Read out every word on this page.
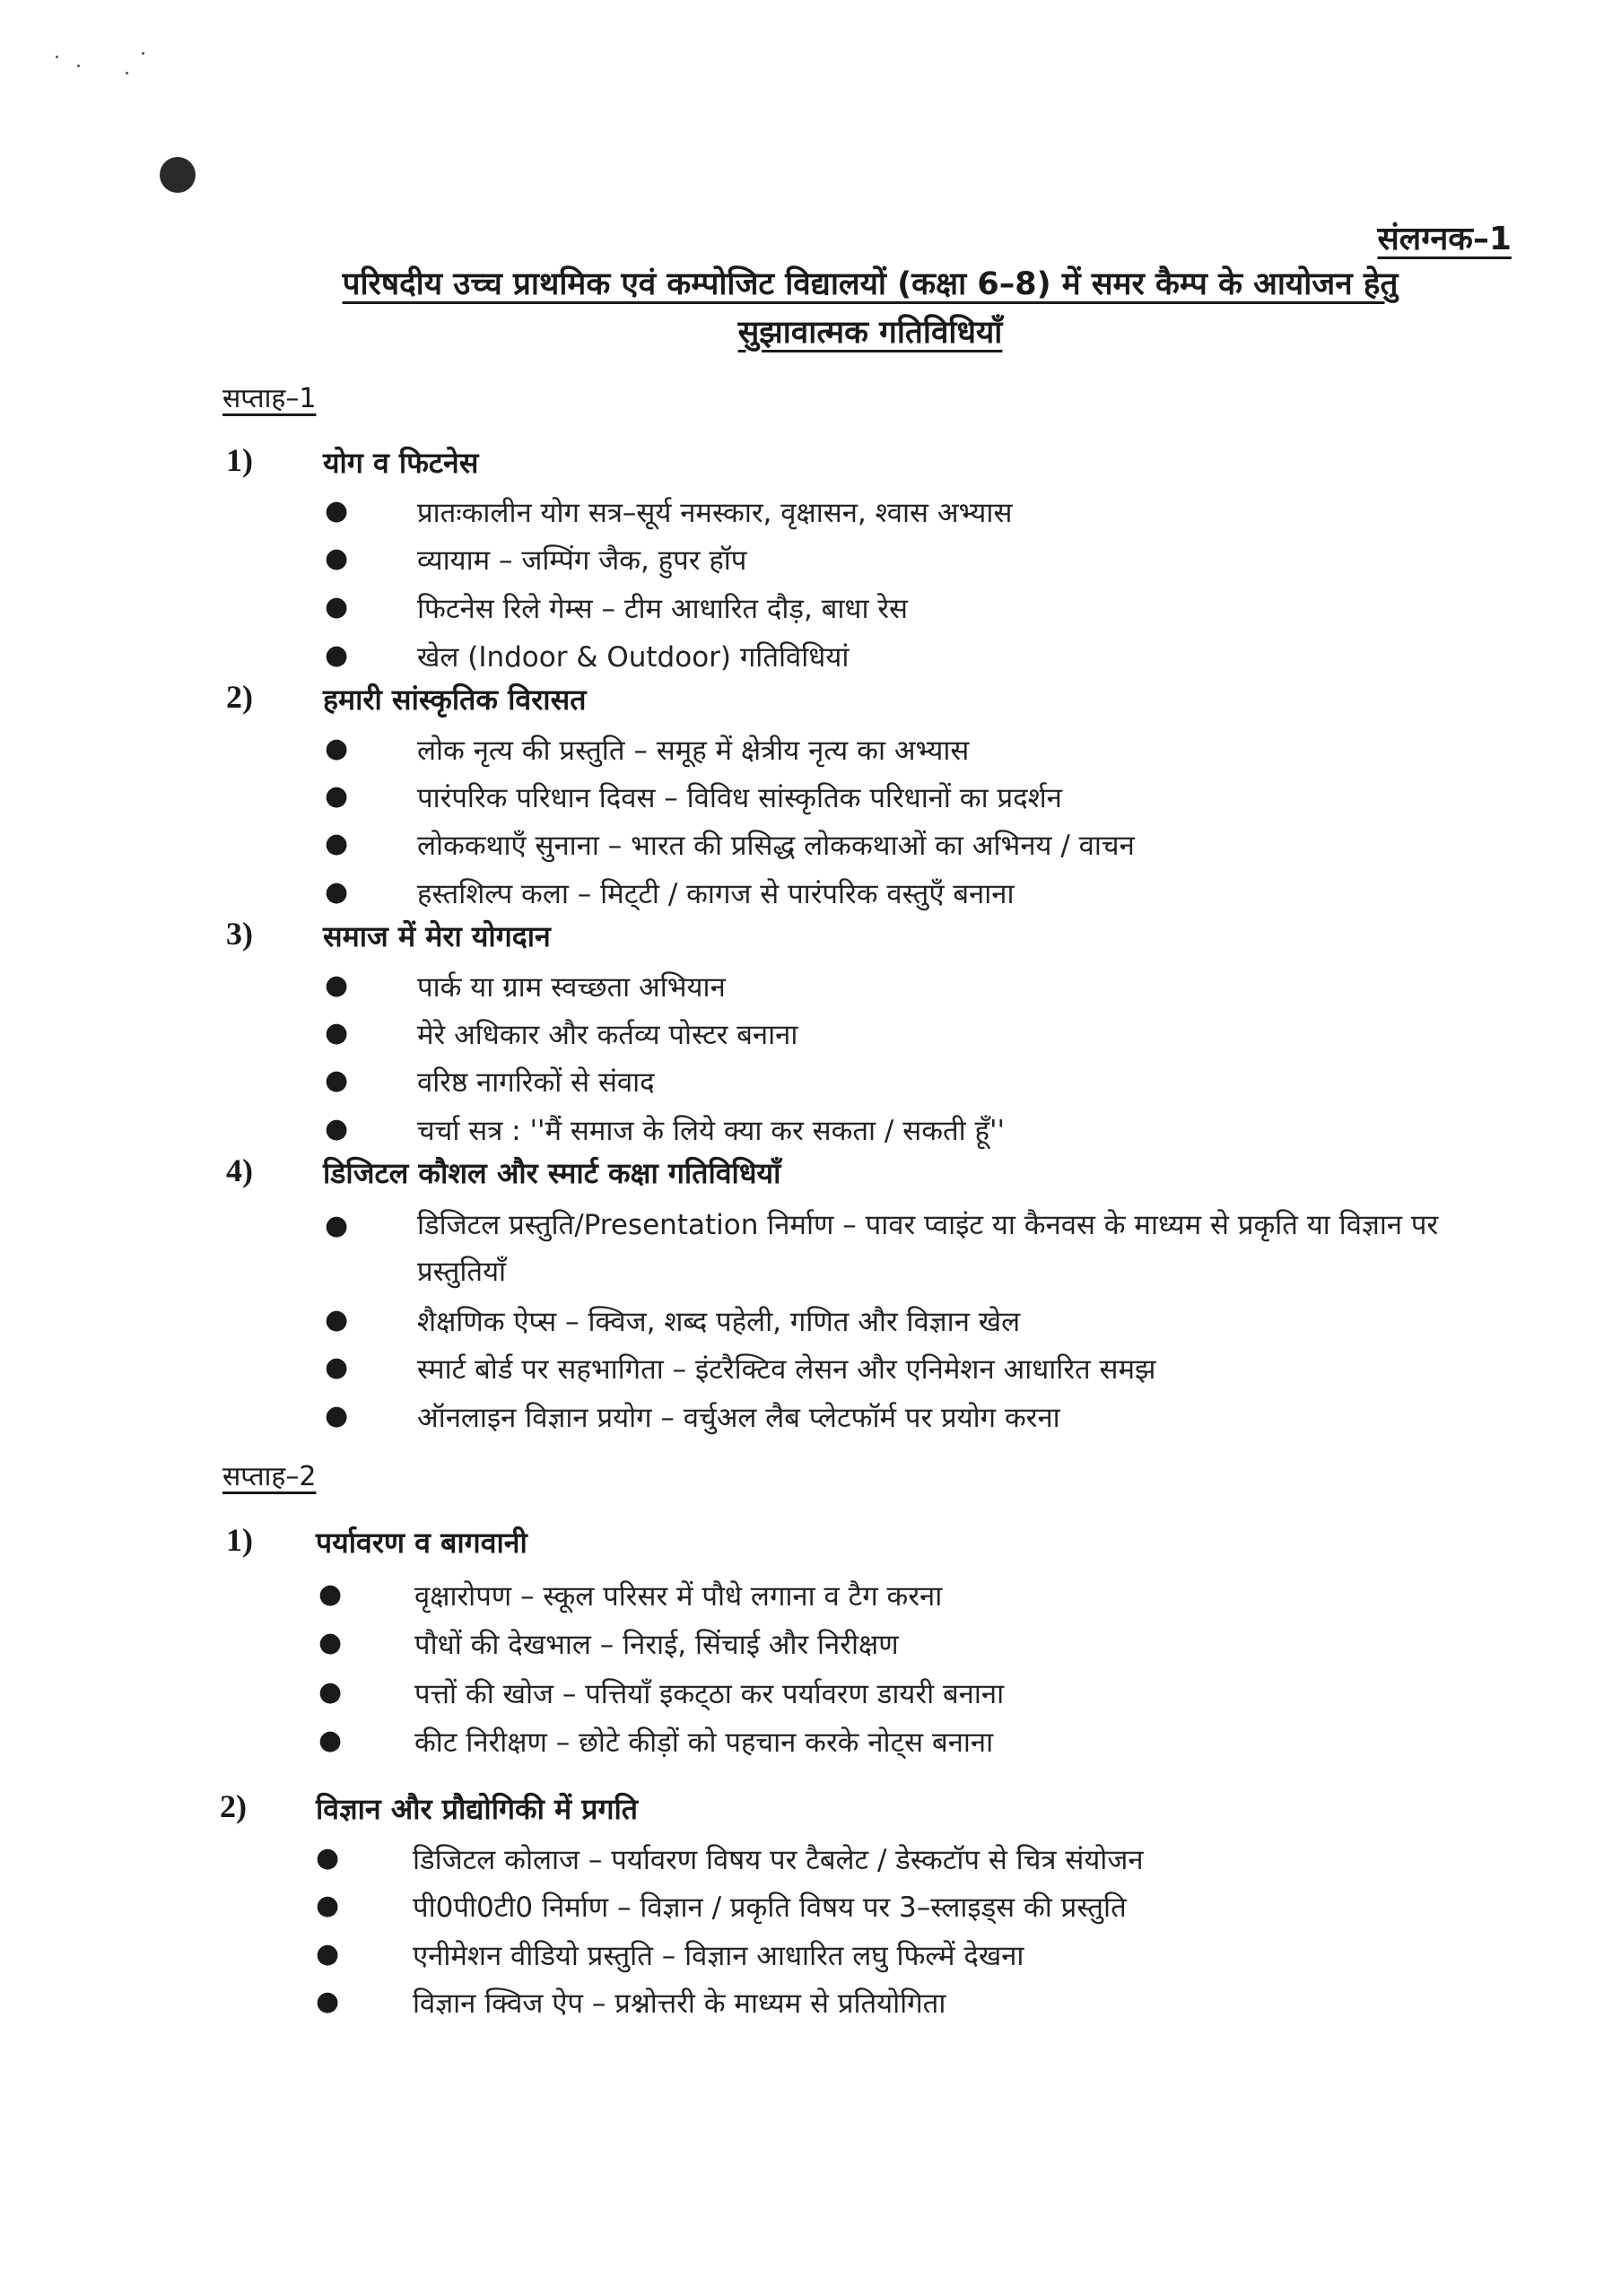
संलग्नक–1
परिषदीय उच्च प्राथमिक एवं कम्पोजिट विद्यालयों (कक्षा 6–8) में समर कैम्प के आयोजन हेतु
सुझावात्मक गतिविधियाँ
सप्ताह–1
1) योग व फिटनेस
● प्रातःकालीन योग सत्र–सूर्य नमस्कार, वृक्षासन, श्वास अभ्यास
● व्यायाम – जम्पिंग जैक, हुपर हॉप
● फिटनेस रिले गेम्स – टीम आधारित दौड़, बाधा रेस
● खेल (Indoor & Outdoor) गतिविधियां
2) हमारी सांस्कृतिक विरासत
● लोक नृत्य की प्रस्तुति – समूह में क्षेत्रीय नृत्य का अभ्यास
● पारंपरिक परिधान दिवस – विविध सांस्कृतिक परिधानों का प्रदर्शन
● लोककथाएँ सुनाना – भारत की प्रसिद्ध लोककथाओं का अभिनय / वाचन
● हस्तशिल्प कला – मिट्‌टी / कागज से पारंपरिक वस्तुएँ बनाना
3) समाज में मेरा योगदान
● पार्क या ग्राम स्वच्छता अभियान
● मेरे अधिकार और कर्तव्य पोस्टर बनाना
● वरिष्ठ नागरिकों से संवाद
● चर्चा सत्र : ''मैं समाज के लिये क्या कर सकता / सकती हूँ''
4) डिजिटल कौशल और स्मार्ट कक्षा गतिविधियाँ
● डिजिटल प्रस्तुति/Presentation निर्माण – पावर प्वाइंट या कैनवस के माध्यम से प्रकृति या विज्ञान पर प्रस्तुतियाँ
● शैक्षणिक ऐप्स – क्विज, शब्द पहेली, गणित और विज्ञान खेल
● स्मार्ट बोर्ड पर सहभागिता – इंटरैक्टिव लेसन और एनिमेशन आधारित समझ
● ऑनलाइन विज्ञान प्रयोग – वर्चुअल लैब प्लेटफॉर्म पर प्रयोग करना
सप्ताह–2
1) पर्यावरण व बागवानी
●	वृक्षारोपण – स्कूल परिसर में पौधे लगाना व टैग करना
●	पौधों की देखभाल – निराई, सिंचाई और निरीक्षण
●	पत्तों की खोज – पत्तियाँ इकट्‌ठा कर पर्यावरण डायरी बनाना
●	कीट निरीक्षण – छोटे कीड़ों को पहचान करके नोट्‌स बनाना
2) विज्ञान और प्रौद्योगिकी में प्रगति
●	डिजिटल कोलाज – पर्यावरण विषय पर टैबलेट / डेस्कटॉप से चित्र संयोजन
●	पी0पी0टी0 निर्माण – विज्ञान / प्रकृति विषय पर 3–स्लाइड्‌स की प्रस्तुति
●	एनीमेशन वीडियो प्रस्तुति – विज्ञान आधारित लघु फिल्में देखना
●	विज्ञान क्विज ऐप – प्रश्नोत्तरी के माध्यम से प्रतियोगिता
